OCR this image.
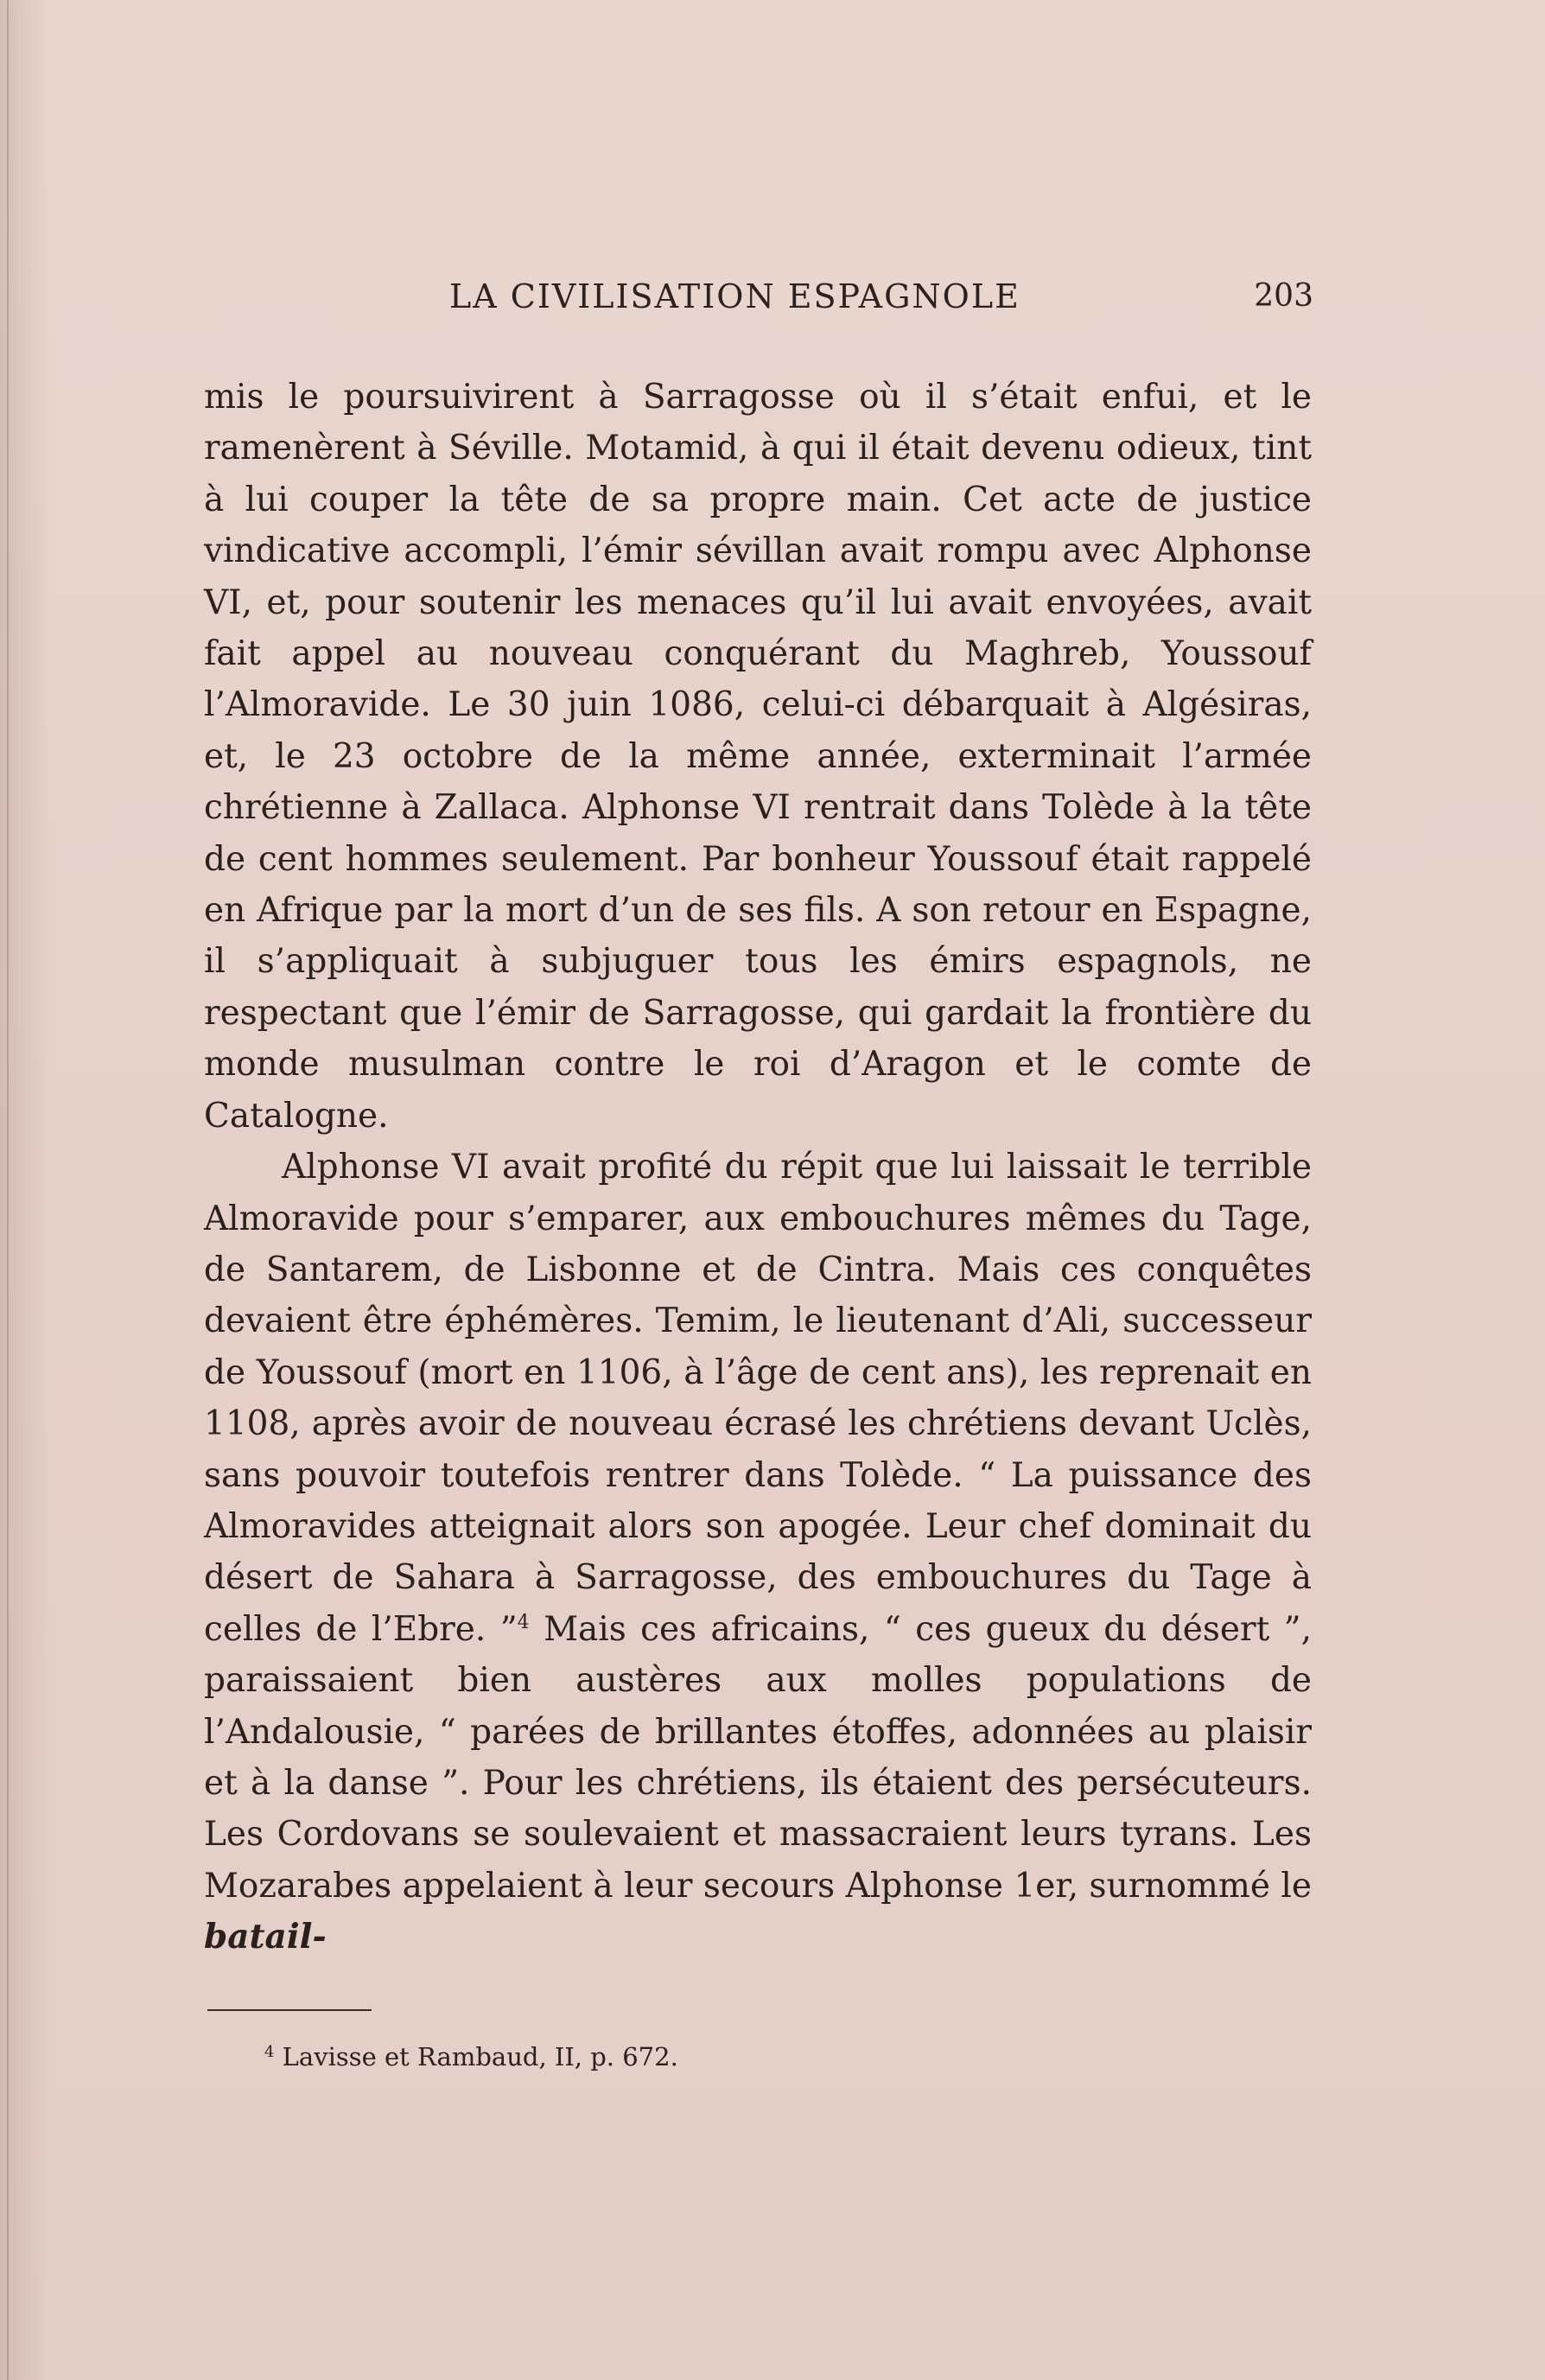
LA CIVILISATION ESPAGNOLE	203

mis le poursuivirent à Sarragosse où il s’était enfui, et le ramenèrent à Séville. Motamid, à qui il était devenu odieux, tint à lui couper la tête de sa propre main. Cet acte de justice vindicative accompli, l’émir sévillan avait rompu avec Alphonse VI, et, pour soutenir les menaces qu’il lui avait envoyées, avait fait appel au nouveau conquérant du Maghreb, Youssouf l’Almoravide. Le 30 juin 1086, celui-ci débarquait à Algésiras, et, le 23 octobre de la même année, exterminait l’armée chrétienne à Zallaca. Alphonse VI rentrait dans Tolède à la tête de cent hommes seulement. Par bonheur Youssouf était rappelé en Afrique par la mort d’un de ses fils. A son retour en Espagne, il s’appliquait à subjuguer tous les émirs espagnols, ne respectant que l’émir de Sarragosse, qui gardait la frontière du monde musulman contre le roi d’Aragon et le comte de Catalogne.

Alphonse VI avait profité du répit que lui laissait le terrible Almoravide pour s’emparer, aux embouchures mêmes du Tage, de Santarem, de Lisbonne et de Cintra. Mais ces conquêtes devaient être éphémères. Temim, le lieutenant d’Ali, successeur de Youssouf (mort en 1106, à l’âge de cent ans), les reprenait en 1108, après avoir de nouveau écrasé les chrétiens devant Uclès, sans pouvoir toutefois rentrer dans Tolède. “ La puissance des Almoravides atteignait alors son apogée. Leur chef dominait du désert de Sahara à Sarragosse, des embouchures du Tage à celles de l’Ebre. ”$^4$ Mais ces africains, “ ces gueux du désert ”, paraissaient bien austères aux molles populations de l’Andalousie, “ parées de brillantes étoffes, adonnées au plaisir et à la danse ”. Pour les chrétiens, ils étaient des persécuteurs. Les Cordovans se soulevaient et massacraient leurs tyrans. Les Mozarabes appelaient à leur secours Alphonse 1er, surnommé le batail-

$^4$ Lavisse et Rambaud, II, p. 672.
